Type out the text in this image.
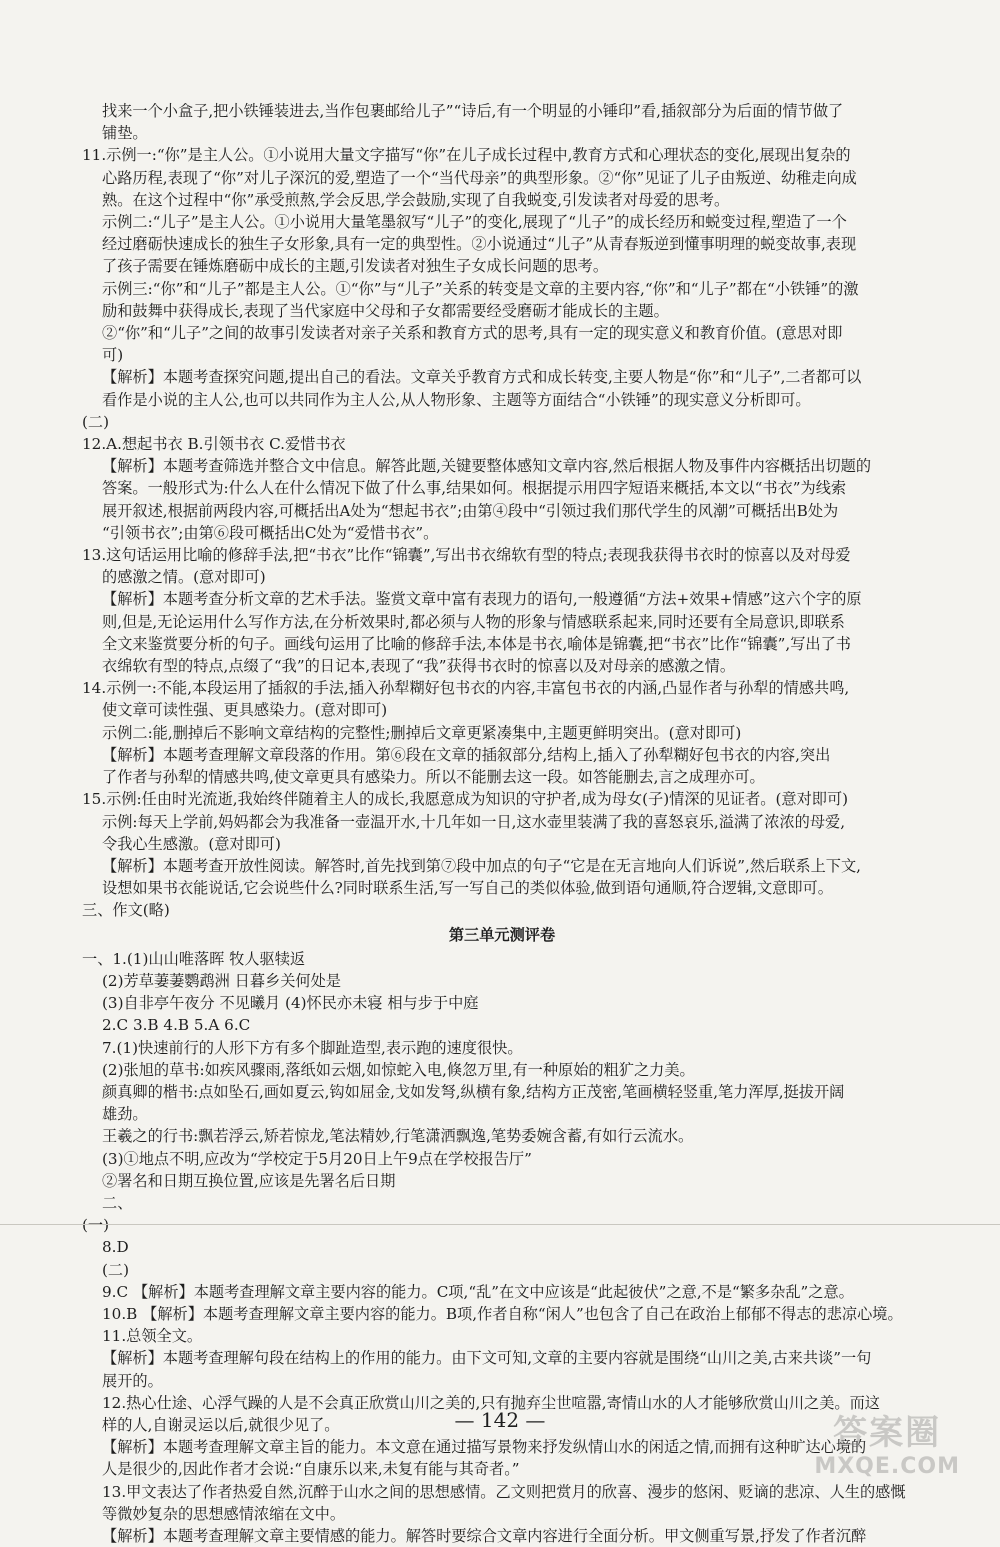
找来一个小盒子,把小铁锤装进去,当作包裹邮给儿子”“诗后,有一个明显的小锤印”看,插叙部分为后面的情节做了

铺垫。

11.示例一:“你”是主人公。①小说用大量文字描写“你”在儿子成长过程中,教育方式和心理状态的变化,展现出复杂的

心路历程,表现了“你”对儿子深沉的爱,塑造了一个“当代母亲”的典型形象。②“你”见证了儿子由叛逆、幼稚走向成

熟。在这个过程中“你”承受煎熬,学会反思,学会鼓励,实现了自我蜕变,引发读者对母爱的思考。

示例二:“儿子”是主人公。①小说用大量笔墨叙写“儿子”的变化,展现了“儿子”的成长经历和蜕变过程,塑造了一个

经过磨砺快速成长的独生子女形象,具有一定的典型性。②小说通过“儿子”从青春叛逆到懂事明理的蜕变故事,表现

了孩子需要在锤炼磨砺中成长的主题,引发读者对独生子女成长问题的思考。

示例三:“你”和“儿子”都是主人公。①“你”与“儿子”关系的转变是文章的主要内容,“你”和“儿子”都在“小铁锤”的激

励和鼓舞中获得成长,表现了当代家庭中父母和子女都需要经受磨砺才能成长的主题。

②“你”和“儿子”之间的故事引发读者对亲子关系和教育方式的思考,具有一定的现实意义和教育价值。(意思对即

可)

【解析】本题考查探究问题,提出自己的看法。文章关乎教育方式和成长转变,主要人物是“你”和“儿子”,二者都可以

看作是小说的主人公,也可以共同作为主人公,从人物形象、主题等方面结合“小铁锤”的现实意义分析即可。

(二)

12.A.想起书衣 B.引领书衣 C.爱惜书衣

【解析】本题考查筛选并整合文中信息。解答此题,关键要整体感知文章内容,然后根据人物及事件内容概括出切题的

答案。一般形式为:什么人在什么情况下做了什么事,结果如何。根据提示用四字短语来概括,本文以“书衣”为线索

展开叙述,根据前两段内容,可概括出A处为“想起书衣”;由第④段中“引领过我们那代学生的风潮”可概括出B处为

“引领书衣”;由第⑥段可概括出C处为“爱惜书衣”。

13.这句话运用比喻的修辞手法,把“书衣”比作“锦囊”,写出书衣绵软有型的特点;表现我获得书衣时的惊喜以及对母爱

的感激之情。(意对即可)

【解析】本题考查分析文章的艺术手法。鉴赏文章中富有表现力的语句,一般遵循“方法+效果+情感”这六个字的原

则,但是,无论运用什么写作方法,在分析效果时,都必须与人物的形象与情感联系起来,同时还要有全局意识,即联系

全文来鉴赏要分析的句子。画线句运用了比喻的修辞手法,本体是书衣,喻体是锦囊,把“书衣”比作“锦囊”,写出了书

衣绵软有型的特点,点缀了“我”的日记本,表现了“我”获得书衣时的惊喜以及对母亲的感激之情。

14.示例一:不能,本段运用了插叙的手法,插入孙犁糊好包书衣的内容,丰富包书衣的内涵,凸显作者与孙犁的情感共鸣,

使文章可读性强、更具感染力。(意对即可)

示例二:能,删掉后不影响文章结构的完整性;删掉后文章更紧凑集中,主题更鲜明突出。(意对即可)

【解析】本题考查理解文章段落的作用。第⑥段在文章的插叙部分,结构上,插入了孙犁糊好包书衣的内容,突出

了作者与孙犁的情感共鸣,使文章更具有感染力。所以不能删去这一段。如答能删去,言之成理亦可。

15.示例:任由时光流逝,我始终伴随着主人的成长,我愿意成为知识的守护者,成为母女(子)情深的见证者。(意对即可)

示例:每天上学前,妈妈都会为我准备一壶温开水,十几年如一日,这水壶里装满了我的喜怒哀乐,溢满了浓浓的母爱,

令我心生感激。(意对即可)

【解析】本题考查开放性阅读。解答时,首先找到第⑦段中加点的句子“它是在无言地向人们诉说”,然后联系上下文,

设想如果书衣能说话,它会说些什么?同时联系生活,写一写自己的类似体验,做到语句通顺,符合逻辑,文意即可。

三、作文(略)

第三单元测评卷

一、1.(1)山山唯落晖 牧人驱犊返

(2)芳草萋萋鹦鹉洲 日暮乡关何处是

(3)自非亭午夜分 不见曦月 (4)怀民亦未寝 相与步于中庭

2.C 3.B 4.B 5.A 6.C

7.(1)快速前行的人形下方有多个脚趾造型,表示跑的速度很快。

(2)张旭的草书:如疾风骤雨,落纸如云烟,如惊蛇入电,倏忽万里,有一种原始的粗犷之力美。

颜真卿的楷书:点如坠石,画如夏云,钩如屈金,戈如发弩,纵横有象,结构方正茂密,笔画横轻竖重,笔力浑厚,挺拔开阔

雄劲。

王羲之的行书:飘若浮云,矫若惊龙,笔法精妙,行笔潇洒飘逸,笔势委婉含蓄,有如行云流水。

(3)①地点不明,应改为“学校定于5月20日上午9点在学校报告厅”

②署名和日期互换位置,应该是先署名后日期

二、

(一)

8.D

(二)

9.C 【解析】本题考查理解文章主要内容的能力。C项,“乱”在文中应该是“此起彼伏”之意,不是“繁多杂乱”之意。

10.B 【解析】本题考查理解文章主要内容的能力。B项,作者自称“闲人”也包含了自己在政治上郁郁不得志的悲凉心境。

11.总领全文。

【解析】本题考查理解句段在结构上的作用的能力。由下文可知,文章的主要内容就是围绕“山川之美,古来共谈”一句

展开的。

12.热心仕途、心浮气躁的人是不会真正欣赏山川之美的,只有抛弃尘世喧嚣,寄情山水的人才能够欣赏山川之美。而这

样的人,自谢灵运以后,就很少见了。

【解析】本题考查理解文章主旨的能力。本文意在通过描写景物来抒发纵情山水的闲适之情,而拥有这种旷达心境的

人是很少的,因此作者才会说:“自康乐以来,未复有能与其奇者。”

13.甲文表达了作者热爱自然,沉醉于山水之间的思想感情。乙文则把赏月的欣喜、漫步的悠闲、贬谪的悲凉、人生的感慨

等微妙复杂的思想感情浓缩在文中。

【解析】本题考查理解文章主要情感的能力。解答时要综合文章内容进行全面分析。甲文侧重写景,抒发了作者沉醉

— 142 —	答案圈
MXQE.COM
